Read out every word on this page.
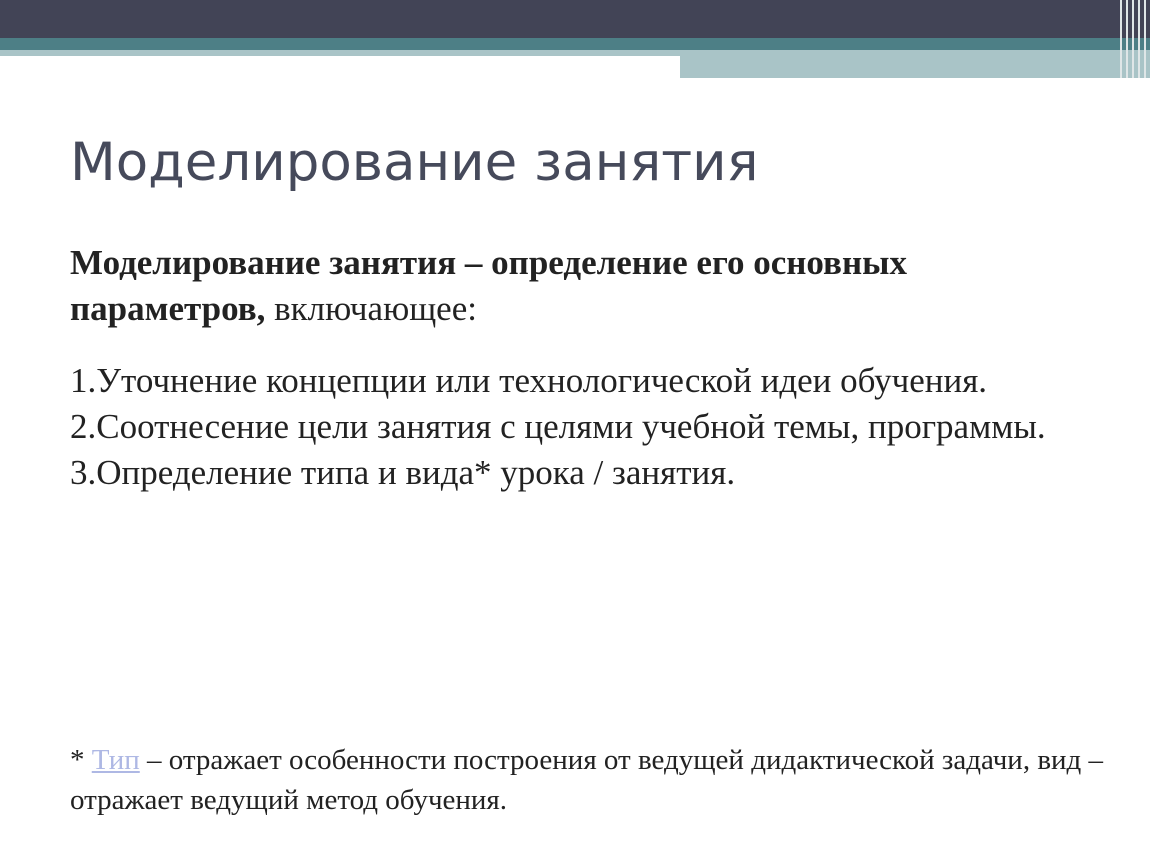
Моделирование занятия

Моделирование занятия – определение его основных параметров, включающее:

1.Уточнение концепции или технологической идеи обучения.
2.Соотнесение цели занятия с целями учебной темы, программы.
3.Определение типа и вида* урока / занятия.

* Тип – отражает особенности построения от ведущей дидактической задачи, вид – отражает ведущий метод обучения.
